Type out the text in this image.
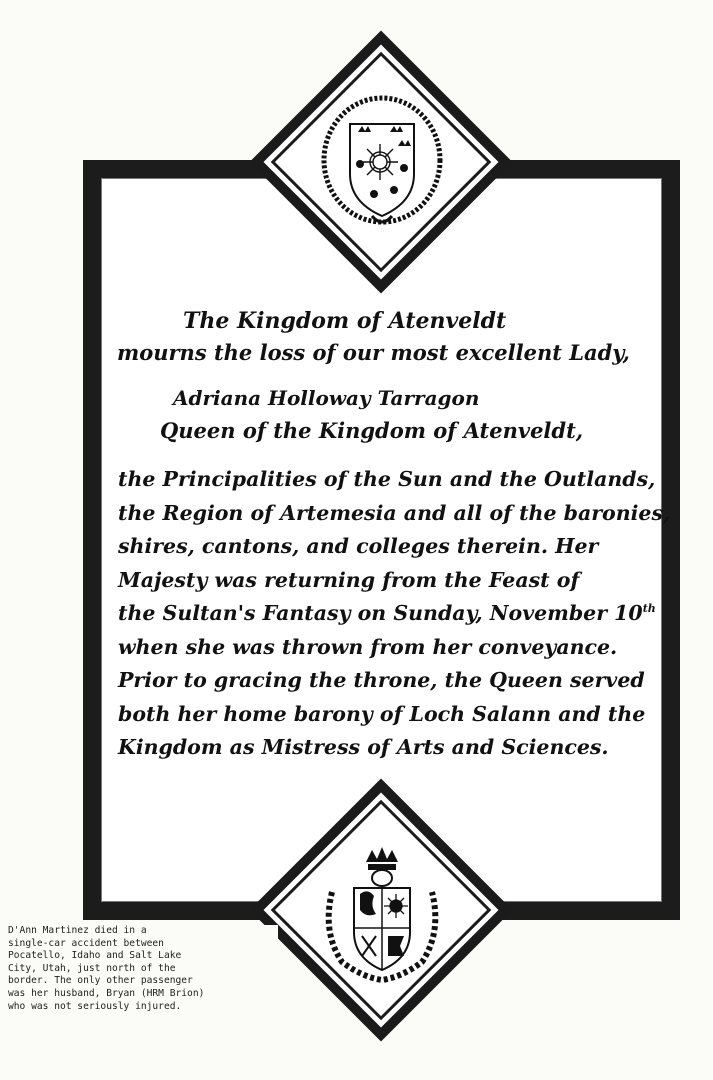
The Kingdom of Atenveldt
mourns the loss of our most excellent Lady,
Adriana Holloway Tarragon
Queen of the Kingdom of Atenveldt,

the Principalities of the Sun and the Outlands,

the Region of Artemesia and all of the baronies,

shires, cantons, and colleges therein. Her

Majesty was returning from the Feast of

the Sultan's Fantasy on Sunday, November 10th

when she was thrown from her conveyance.

Prior to gracing the throne, the Queen served

both her home barony of Loch Salann and the

Kingdom as Mistress of Arts and Sciences.

D'Ann Martinez died in a

single-car accident between

Pocatello, Idaho and Salt Lake

City, Utah, just north of the

border. The only other passenger

was her husband, Bryan (HRM Brion)

who was not seriously injured.
